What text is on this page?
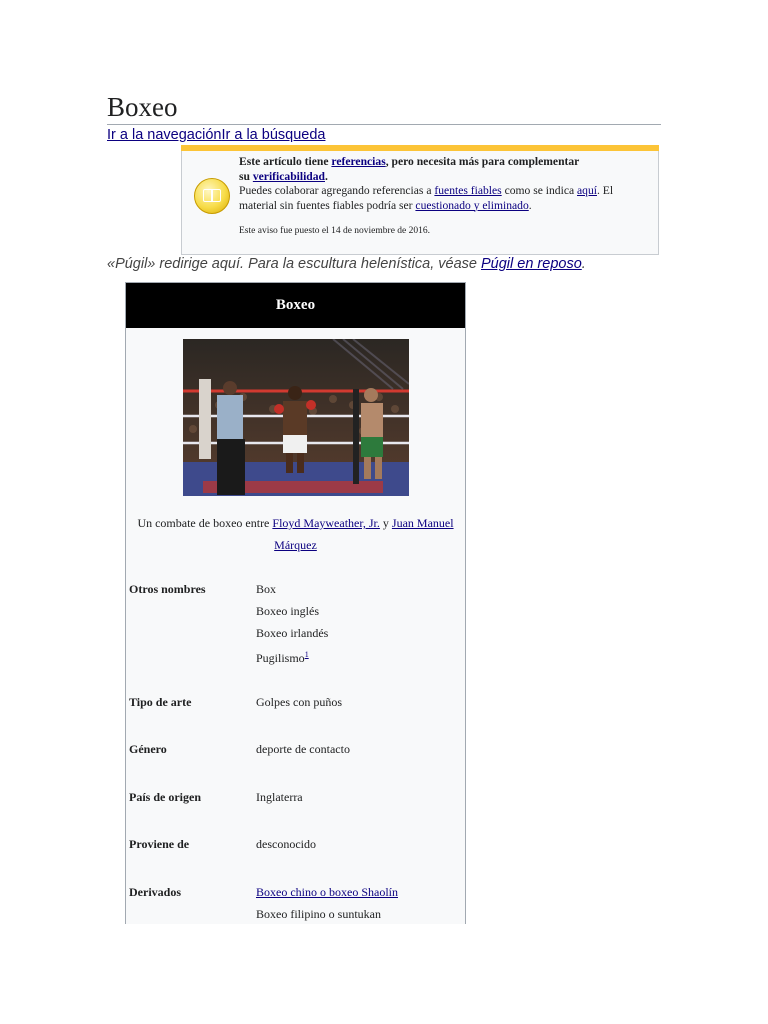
Boxeo
Ir a la navegaciónIr a la búsqueda
Este artículo tiene referencias, pero necesita más para complementar
su verificabilidad.
Puedes colaborar agregando referencias a fuentes fiables como se indica aquí. El
material sin fuentes fiables podría ser cuestionado y eliminado.
Este aviso fue puesto el 14 de noviembre de 2016.
«Púgil» redirige aquí. Para la escultura helenística, véase Púgil en reposo.
Boxeo
Un combate de boxeo entre Floyd Mayweather, Jr. y Juan Manuel Márquez
Otros nombres	Box
Boxeo inglés
Boxeo irlandés
Pugilismo$^1$
Tipo de arte	Golpes con puños
Género	deporte de contacto
País de origen	Inglaterra
Proviene de	desconocido
Derivados	Boxeo chino o boxeo Shaolín
Boxeo filipino o suntukan
